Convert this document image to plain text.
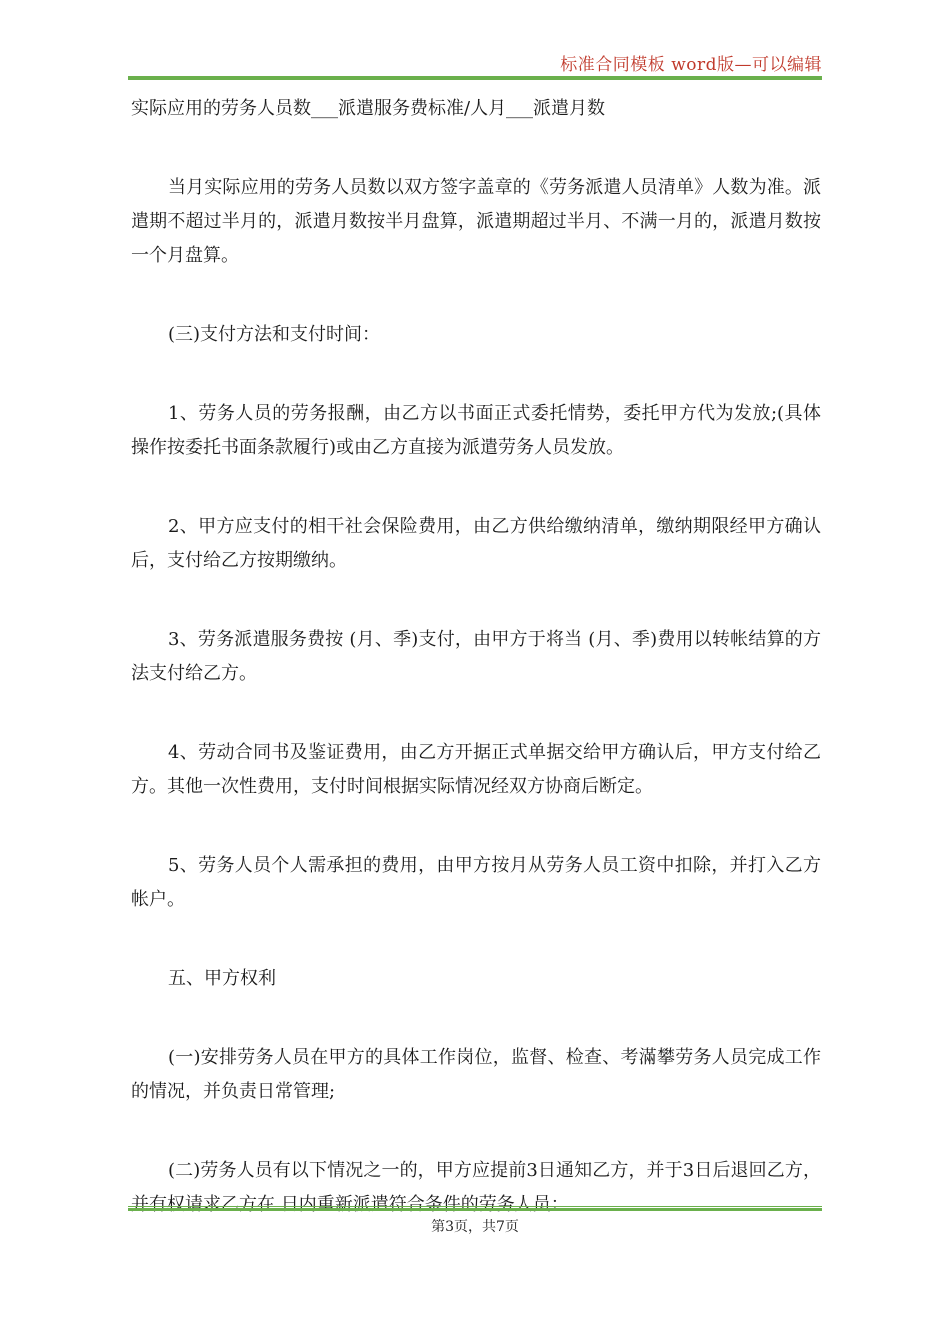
标准合同模板 word版—可以编辑

实际应用的劳务人员数___派遣服务费标准/人月___派遣月数

当月实际应用的劳务人员数以双方签字盖章的《劳务派遣人员清单》人数为准。派遣期不超过半月的，派遣月数按半月盘算，派遣期超过半月、不满一月的，派遣月数按一个月盘算。

(三)支付方法和支付时间：

1、劳务人员的劳务报酬，由乙方以书面正式委托情势，委托甲方代为发放;(具体操作按委托书面条款履行)或由乙方直接为派遣劳务人员发放。

2、甲方应支付的相干社会保险费用，由乙方供给缴纳清单，缴纳期限经甲方确认后，支付给乙方按期缴纳。

3、劳务派遣服务费按 (月、季)支付，由甲方于将当 (月、季)费用以转帐结算的方法支付给乙方。

4、劳动合同书及鉴证费用，由乙方开据正式单据交给甲方确认后，甲方支付给乙方。其他一次性费用，支付时间根据实际情况经双方协商后断定。

5、劳务人员个人需承担的费用，由甲方按月从劳务人员工资中扣除，并打入乙方帐户。

五、甲方权利

(一)安排劳务人员在甲方的具体工作岗位，监督、检查、考滿攀劳务人员完成工作的情况，并负责日常管理;

(二)劳务人员有以下情况之一的，甲方应提前3日通知乙方，并于3日后退回乙方，并有权请求乙方在 日内重新派遣符合条件的劳务人员：

第3页，共7页
